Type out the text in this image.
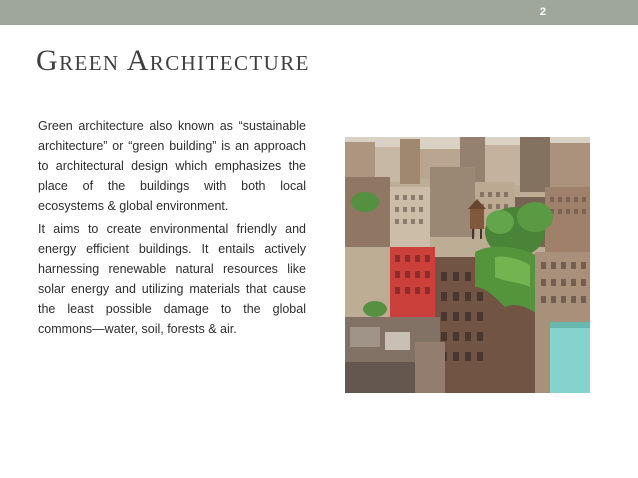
2
Green Architecture

Green architecture also known as “sustainable architecture” or “green building” is an approach to architectural design which emphasizes the place of the buildings with both local ecosystems & global environment.

It aims to create environmental friendly and energy efficient buildings. It entails actively harnessing renewable natural resources like solar energy and utilizing materials that cause the least possible damage to the global commons—water, soil, forests & air.
